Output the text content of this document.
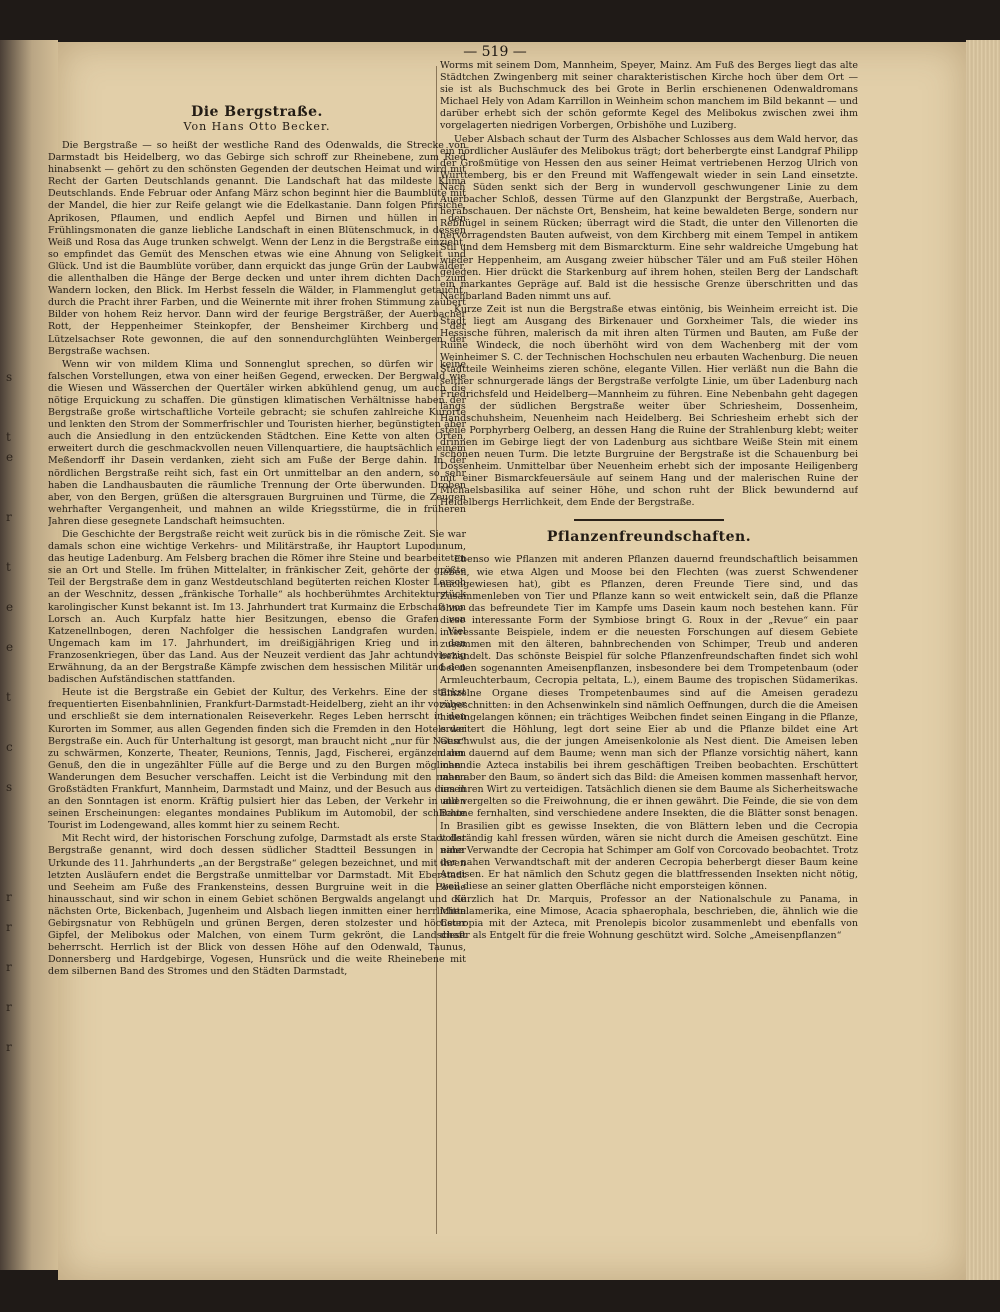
s
t
e
r
t
e
e
t
c
s
r
r
r
r
r
— 519 —
Die Bergstraße.
Von Hans Otto Becker.

Die Bergstraße — so heißt der westliche Rand des Odenwalds, die Strecke von Darmstadt bis Heidelberg, wo das Gebirge sich schroff zur Rheinebene, zum Ried hinabsenkt — gehört zu den schönsten Gegenden der deutschen Heimat und wird mit Recht der Garten Deutschlands genannt. Die Landschaft hat das mildeste Klima Deutschlands. Ende Februar oder Anfang März schon beginnt hier die Baumblüte mit der Mandel, die hier zur Reife gelangt wie die Edelkastanie. Dann folgen Pfirsiche, Aprikosen, Pflaumen, und endlich Aepfel und Birnen und hüllen in den Frühlingsmonaten die ganze liebliche Landschaft in einen Blütenschmuck, in dessen Weiß und Rosa das Auge trunken schwelgt. Wenn der Lenz in die Bergstraße einzieht, so empfindet das Gemüt des Menschen etwas wie eine Ahnung von Seligkeit und Glück. Und ist die Baumblüte vorüber, dann erquickt das junge Grün der Laubwälder, die allenthalben die Hänge der Berge decken und unter ihrem dichten Dach zum Wandern locken, den Blick. Im Herbst fesseln die Wälder, in Flammenglut getaucht, durch die Pracht ihrer Farben, und die Weinernte mit ihrer frohen Stimmung zaubert Bilder von hohem Reiz hervor. Dann wird der feurige Bergsträßer, der Auerbacher Rott, der Heppenheimer Steinkopfer, der Bensheimer Kirchberg und der Lützelsachser Rote gewonnen, die auf den sonnendurchglühten Weinbergen der Bergstraße wachsen.

Wenn wir von mildem Klima und Sonnenglut sprechen, so dürfen wir keine falschen Vorstellungen, etwa von einer heißen Gegend, erwecken. Der Bergwald wie die Wiesen und Wässerchen der Quertäler wirken abkühlend genug, um auch die nötige Erquickung zu schaffen. Die günstigen klimatischen Verhältnisse haben der Bergstraße große wirtschaftliche Vorteile gebracht; sie schufen zahlreiche Kurorte und lenkten den Strom der Sommerfrischler und Touristen hierher, begünstigten aber auch die Ansiedlung in den entzückenden Städtchen. Eine Kette von alten Orten, erweitert durch die geschmackvollen neuen Villenquartiere, die hauptsächlich einem Meßendorff ihr Dasein verdanken, zieht sich am Fuße der Berge dahin. In der nördlichen Bergstraße reiht sich, fast ein Ort unmittelbar an den andern, so sehr haben die Landhausbauten die räumliche Trennung der Orte überwunden. Droben aber, von den Bergen, grüßen die altersgrauen Burgruinen und Türme, die Zeugen wehrhafter Vergangenheit, und mahnen an wilde Kriegsstürme, die in früheren Jahren diese gesegnete Landschaft heimsuchten.

Die Geschichte der Bergstraße reicht weit zurück bis in die römische Zeit. Sie war damals schon eine wichtige Verkehrs- und Militärstraße, ihr Hauptort Lupodunum, das heutige Ladenburg. Am Felsberg brachen die Römer ihre Steine und bearbeiteten sie an Ort und Stelle. Im frühen Mittelalter, in fränkischer Zeit, gehörte der größte Teil der Bergstraße dem in ganz Westdeutschland begüterten reichen Kloster Lorsch an der Weschnitz, dessen „fränkische Torhalle“ als hochberühmtes Architekturstück karolingischer Kunst bekannt ist. Im 13. Jahrhundert trat Kurmainz die Erbschaft von Lorsch an. Auch Kurpfalz hatte hier Besitzungen, ebenso die Grafen von Katzenellnbogen, deren Nachfolger die hessischen Landgrafen wurden. Viel Ungemach kam im 17. Jahrhundert, im dreißigjährigen Krieg und in den Franzosenkriegen, über das Land. Aus der Neuzeit verdient das Jahr achtundvierzig Erwähnung, da an der Bergstraße Kämpfe zwischen dem hessischen Militär und den badischen Aufständischen stattfanden.

Heute ist die Bergstraße ein Gebiet der Kultur, des Verkehrs. Eine der stärkst frequentierten Eisenbahnlinien, Frankfurt-Darmstadt-Heidelberg, zieht an ihr vorüber und erschließt sie dem internationalen Reiseverkehr. Reges Leben herrscht in den Kurorten im Sommer, aus allen Gegenden finden sich die Fremden in den Hotels der Bergstraße ein. Auch für Unterhaltung ist gesorgt, man braucht nicht „nur für Natur“ zu schwärmen, Konzerte, Theater, Reunions, Tennis, Jagd, Fischerei, ergänzen den Genuß, den die in ungezählter Fülle auf die Berge und zu den Burgen möglichen Wanderungen dem Besucher verschaffen. Leicht ist die Verbindung mit den nahen Großstädten Frankfurt, Mannheim, Darmstadt und Mainz, und der Besuch aus diesen an den Sonntagen ist enorm. Kräftig pulsiert hier das Leben, der Verkehr in allen seinen Erscheinungen: elegantes mondaines Publikum im Automobil, der schlichte Tourist im Lodengewand, alles kommt hier zu seinem Recht.

Mit Recht wird, der historischen Forschung zufolge, Darmstadt als erste Stadt der Bergstraße genannt, wird doch dessen südlicher Stadtteil Bessungen in einer Urkunde des 11. Jahrhunderts „an der Bergstraße“ gelegen bezeichnet, und mit ihren letzten Ausläufern endet die Bergstraße unmittelbar vor Darmstadt. Mit Eberstadt und Seeheim am Fuße des Frankensteins, dessen Burgruine weit in die Ebene hinausschaut, sind wir schon in einem Gebiet schönen Bergwalds angelangt und die nächsten Orte, Bickenbach, Jugenheim und Alsbach liegen inmitten einer herrlichen Gebirgsnatur von Rebhügeln und grünen Bergen, deren stolzester und höchster Gipfel, der Melibokus oder Malchen, von einem Turm gekrönt, die Landschaft beherrscht. Herrlich ist der Blick von dessen Höhe auf den Odenwald, Taunus, Donnersberg und Hardgebirge, Vogesen, Hunsrück und die weite Rheinebene mit dem silbernen Band des Stromes und den Städten Darmstadt,

Worms mit seinem Dom, Mannheim, Speyer, Mainz. Am Fuß des Berges liegt das alte Städtchen Zwingenberg mit seiner charakteristischen Kirche hoch über dem Ort — sie ist als Buchschmuck des bei Grote in Berlin erschienenen Odenwaldromans Michael Hely von Adam Karrillon in Weinheim schon manchem im Bild bekannt — und darüber erhebt sich der schön geformte Kegel des Melibokus zwischen zwei ihm vorgelagerten niedrigen Vorbergen, Orbishöhe und Luziberg.

Ueber Alsbach schaut der Turm des Alsbacher Schlosses aus dem Wald hervor, das ein nördlicher Ausläufer des Melibokus trägt; dort beherbergte einst Landgraf Philipp der Großmütige von Hessen den aus seiner Heimat vertriebenen Herzog Ulrich von Württemberg, bis er den Freund mit Waffengewalt wieder in sein Land einsetzte. Nach Süden senkt sich der Berg in wundervoll geschwungener Linie zu dem Auerbacher Schloß, dessen Türme auf den Glanzpunkt der Bergstraße, Auerbach, herabschauen. Der nächste Ort, Bensheim, hat keine bewaldeten Berge, sondern nur Rebhügel in seinem Rücken; überragt wird die Stadt, die unter den Villenorten die hervorragendsten Bauten aufweist, von dem Kirchberg mit einem Tempel in antikem Stil und dem Hemsberg mit dem Bismarckturm. Eine sehr waldreiche Umgebung hat wieder Heppenheim, am Ausgang zweier hübscher Täler und am Fuß steiler Höhen gelegen. Hier drückt die Starkenburg auf ihrem hohen, steilen Berg der Landschaft ein markantes Gepräge auf. Bald ist die hessische Grenze überschritten und das Nachbarland Baden nimmt uns auf.

Kurze Zeit ist nun die Bergstraße etwas eintönig, bis Weinheim erreicht ist. Die Stadt liegt am Ausgang des Birkenauer und Gorxheimer Tals, die wieder ins Hessische führen, malerisch da mit ihren alten Türmen und Bauten, am Fuße der Ruine Windeck, die noch überhöht wird von dem Wachenberg mit der vom Weinheimer S. C. der Technischen Hochschulen neu erbauten Wachenburg. Die neuen Stadtteile Weinheims zieren schöne, elegante Villen. Hier verläßt nun die Bahn die seither schnurgerade längs der Bergstraße verfolgte Linie, um über Ladenburg nach Friedrichsfeld und Heidelberg—Mannheim zu führen. Eine Nebenbahn geht dagegen längs der südlichen Bergstraße weiter über Schriesheim, Dossenheim, Handschuhsheim, Neuenheim nach Heidelberg. Bei Schriesheim erhebt sich der steile Porphyrberg Oelberg, an dessen Hang die Ruine der Strahlenburg klebt; weiter drinnen im Gebirge liegt der von Ladenburg aus sichtbare Weiße Stein mit einem schönen neuen Turm. Die letzte Burgruine der Bergstraße ist die Schauenburg bei Dossenheim. Unmittelbar über Neuenheim erhebt sich der imposante Heiligenberg mit einer Bismarckfeuersäule auf seinem Hang und der malerischen Ruine der Michaelsbasilika auf seiner Höhe, und schon ruht der Blick bewundernd auf Heidelbergs Herrlichkeit, dem Ende der Bergstraße.

Pflanzenfreundschaften.

Ebenso wie Pflanzen mit anderen Pflanzen dauernd freundschaftlich beisammen leben, wie etwa Algen und Moose bei den Flechten (was zuerst Schwendener nachgewiesen hat), gibt es Pflanzen, deren Freunde Tiere sind, und das Zusammenleben von Tier und Pflanze kann so weit entwickelt sein, daß die Pflanze ohne das befreundete Tier im Kampfe ums Dasein kaum noch bestehen kann. Für diese interessante Form der Symbiose bringt G. Roux in der „Revue“ ein paar interessante Beispiele, indem er die neuesten Forschungen auf diesem Gebiete zusammen mit den älteren, bahnbrechenden von Schimper, Treub und anderen behandelt. Das schönste Beispiel für solche Pflanzenfreundschaften findet sich wohl bei den sogenannten Ameisenpflanzen, insbesondere bei dem Trompetenbaum (oder Armleuchterbaum, Cecropia peltata, L.), einem Baume des tropischen Südamerikas. Einzelne Organe dieses Trompetenbaumes sind auf die Ameisen geradezu zugeschnitten: in den Achsenwinkeln sind nämlich Oeffnungen, durch die die Ameisen hineingelangen können; ein trächtiges Weibchen findet seinen Eingang in die Pflanze, erweitert die Höhlung, legt dort seine Eier ab und die Pflanze bildet eine Art Geschwulst aus, die der jungen Ameisenkolonie als Nest dient. Die Ameisen leben dann dauernd auf dem Baume; wenn man sich der Pflanze vorsichtig nähert, kann man die Azteca instabilis bei ihrem geschäftigen Treiben beobachten. Erschüttert man aber den Baum, so ändert sich das Bild: die Ameisen kommen massenhaft hervor, um ihren Wirt zu verteidigen. Tatsächlich dienen sie dem Baume als Sicherheitswache und vergelten so die Freiwohnung, die er ihnen gewährt. Die Feinde, die sie von dem Baume fernhalten, sind verschiedene andere Insekten, die die Blätter sonst benagen. In Brasilien gibt es gewisse Insekten, die von Blättern leben und die Cecropia vollständig kahl fressen würden, wären sie nicht durch die Ameisen geschützt. Eine nahe Verwandte der Cecropia hat Schimper am Golf von Corcovado beobachtet. Trotz der nahen Verwandtschaft mit der anderen Cecropia beherbergt dieser Baum keine Ameisen. Er hat nämlich den Schutz gegen die blattfressenden Insekten nicht nötig, weil diese an seiner glatten Oberfläche nicht emporsteigen können.

Kürzlich hat Dr. Marquis, Professor an der Nationalschule zu Panama, in Mittelamerika, eine Mimose, Acacia sphaerophala, beschrieben, die, ähnlich wie die Cecropia mit der Azteca, mit Prenolepis bicolor zusammenlebt und ebenfalls von dieser als Entgelt für die freie Wohnung geschützt wird. Solche „Ameisenpflanzen“
